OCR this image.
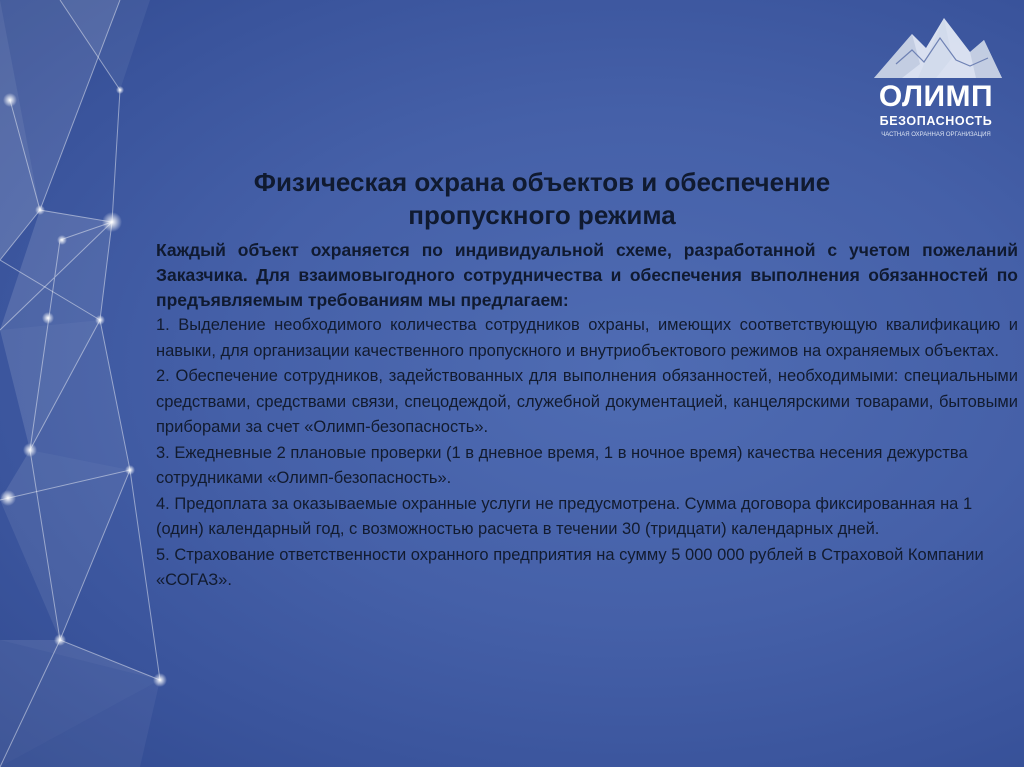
ОЛИМП
БЕЗОПАСНОСТЬ
ЧАСТНАЯ ОХРАННАЯ ОРГАНИЗАЦИЯ
Физическая охрана объектов и обеспечение
пропускного режима

Каждый объект охраняется по индивидуальной схеме, разработанной с учетом пожеланий Заказчика. Для взаимовыгодного сотрудничества и обеспечения выполнения обязанностей по предъявляемым требованиям мы предлагаем:

1. Выделение необходимого количества сотрудников охраны, имеющих соответствующую квалификацию и навыки, для организации качественного пропускного и внутриобъектового режимов на охраняемых объектах.

2. Обеспечение сотрудников, задействованных для выполнения обязанностей, необходимыми: специальными средствами, средствами связи, спецодеждой, служебной документацией, канцелярскими товарами, бытовыми приборами за счет «Олимп-безопасность».

3. Ежедневные 2 плановые проверки (1 в дневное время, 1 в ночное время) качества несения дежурства сотрудниками «Олимп-безопасность».

4. Предоплата за оказываемые охранные услуги не предусмотрена. Сумма договора фиксированная на 1 (один) календарный год, с возможностью расчета в течении 30 (тридцати) календарных дней.

5. Страхование ответственности охранного предприятия на сумму 5 000 000 рублей в Страховой Компании «СОГАЗ».
